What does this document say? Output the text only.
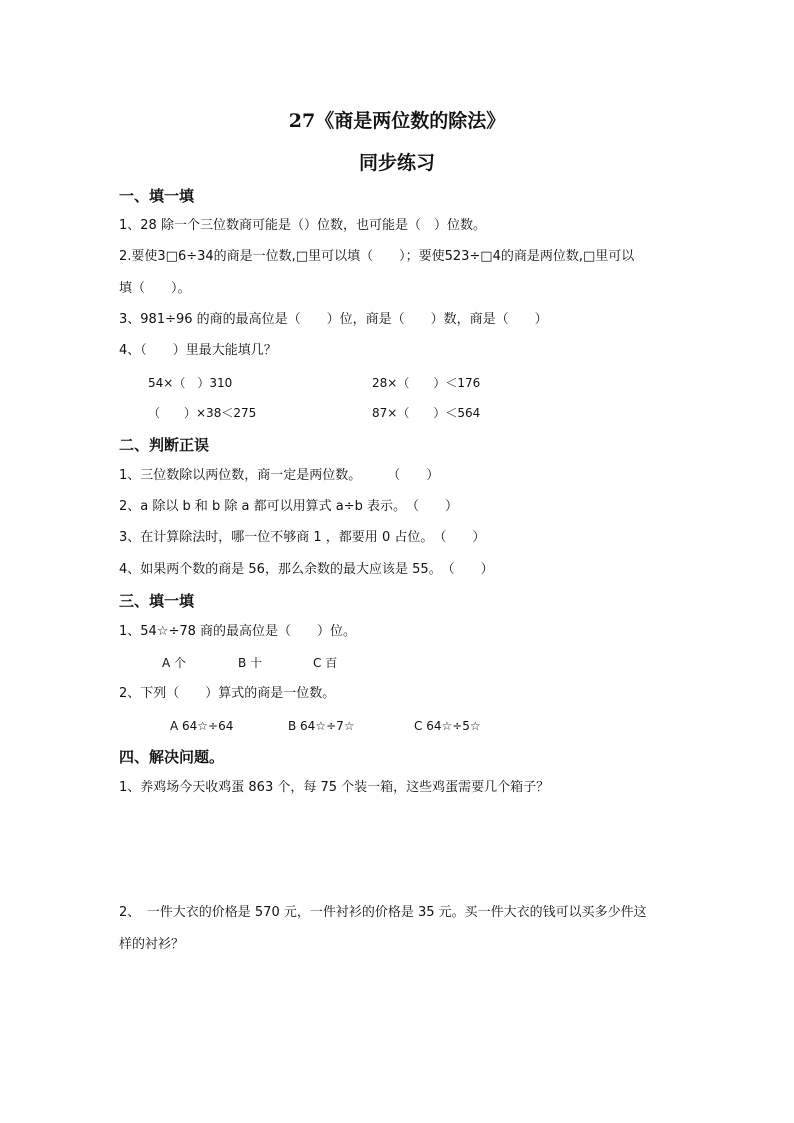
27《商是两位数的除法》
同步练习
一、填一填
1、28 除一个三位数商可能是（）位数，也可能是（　）位数。
2.要使3□6÷34的商是一位数,□里可以填（　　）；要使523÷□4的商是两位数,□里可以
填（　　）。
3、981÷96 的商的最高位是（　　）位，商是（　　）数，商是（　　）
4、（　　）里最大能填几？
54×（　）310	28×（　　）＜176
（　　）×38＜275	87×（　　）＜564
二、判断正误
1、三位数除以两位数，商一定是两位数。　　　（　　）
2、a 除以 b 和 b 除 a 都可以用算式 a÷b 表示。　（　　）
3、在计算除法时，哪一位不够商 1 ，都要用 0 占位。　（　　）
4、如果两个数的商是 56，那么余数的最大应该是 55。　（　　）
三、填一填
1、54☆÷78 商的最高位是（　　）位。
A 个	B 十	C 百
2、下列（　　）算式的商是一位数。
A 64☆÷64	B 64☆÷7☆	C 64☆÷5☆
四、解决问题。
1、养鸡场今天收鸡蛋 863 个，每 75 个装一箱，这些鸡蛋需要几个箱子？
2、　一件大衣的价格是 570 元，一件衬衫的价格是 35 元。买一件大衣的钱可以买多少件这
样的衬衫？
